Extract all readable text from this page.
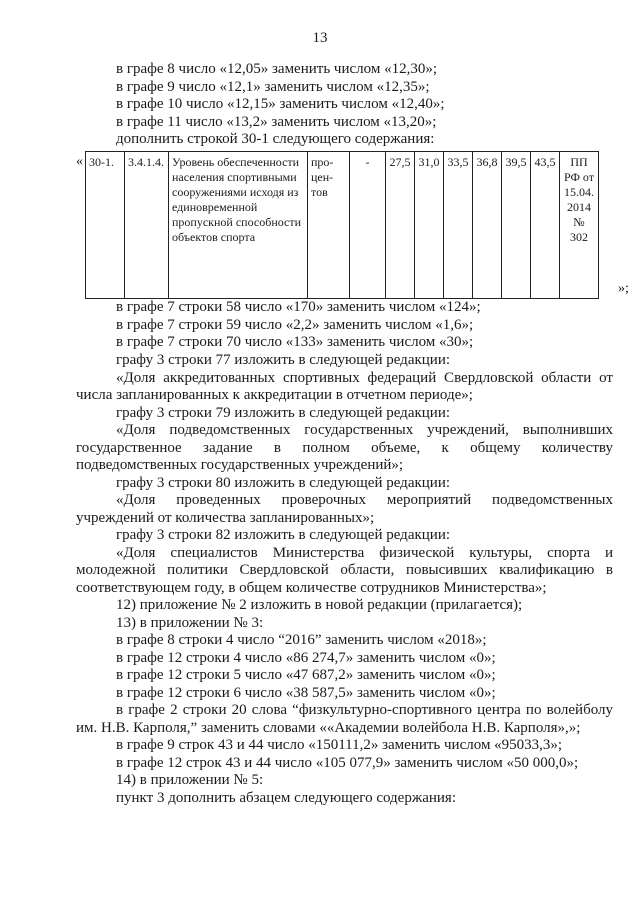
13
в графе 8 число «12,05» заменить числом «12,30»;
в графе 9 число «12,1» заменить числом «12,35»;
в графе 10 число «12,15» заменить числом «12,40»;
в графе 11 число «13,2» заменить числом «13,20»;
дополнить строкой 30-1 следующего содержания:
« 30-1.	3.4.1.4.	Уровень обеспеченности населения спортивными сооружениями исходя из единовременной пропускной способности объектов спорта	про-цен-тов	-	27,5	31,0	33,5	36,8	39,5	43,5	ПП РФ от 15.04. 2014 № 302
»;
в графе 7 строки 58 число «170» заменить числом «124»;
в графе 7 строки 59 число «2,2» заменить числом «1,6»;
в графе 7 строки 70 число «133» заменить числом «30»;
графу 3 строки 77 изложить в следующей редакции:
«Доля аккредитованных спортивных федераций Свердловской области от
числа запланированных к аккредитации в отчетном периоде»;
графу 3 строки 79 изложить в следующей редакции:
«Доля подведомственных государственных учреждений, выполнивших
государственное задание в полном объеме, к общему количеству
подведомственных государственных учреждений»;
графу 3 строки 80 изложить в следующей редакции:
«Доля проведенных проверочных мероприятий подведомственных
учреждений от количества запланированных»;
графу 3 строки 82 изложить в следующей редакции:
«Доля специалистов Министерства физической культуры, спорта и
молодежной политики Свердловской области, повысивших квалификацию в
соответствующем году, в общем количестве сотрудников Министерства»;
12) приложение № 2 изложить в новой редакции (прилагается);
13) в приложении № 3:
в графе 8 строки 4 число “2016” заменить числом «2018»;
в графе 12 строки 4 число «86 274,7» заменить числом «0»;
в графе 12 строки 5 число «47 687,2» заменить числом «0»;
в графе 12 строки 6 число «38 587,5» заменить числом «0»;
в графе 2 строки 20 слова “физкультурно-спортивного центра по волейболу
им. Н.В. Карполя,” заменить словами ««Академии волейбола Н.В. Карполя»,»;
в графе 9 строк 43 и 44 число «150111,2» заменить числом «95033,3»;
в графе 12 строк 43 и 44 число «105 077,9» заменить числом «50 000,0»;
14) в приложении № 5:
пункт 3 дополнить абзацем следующего содержания:
